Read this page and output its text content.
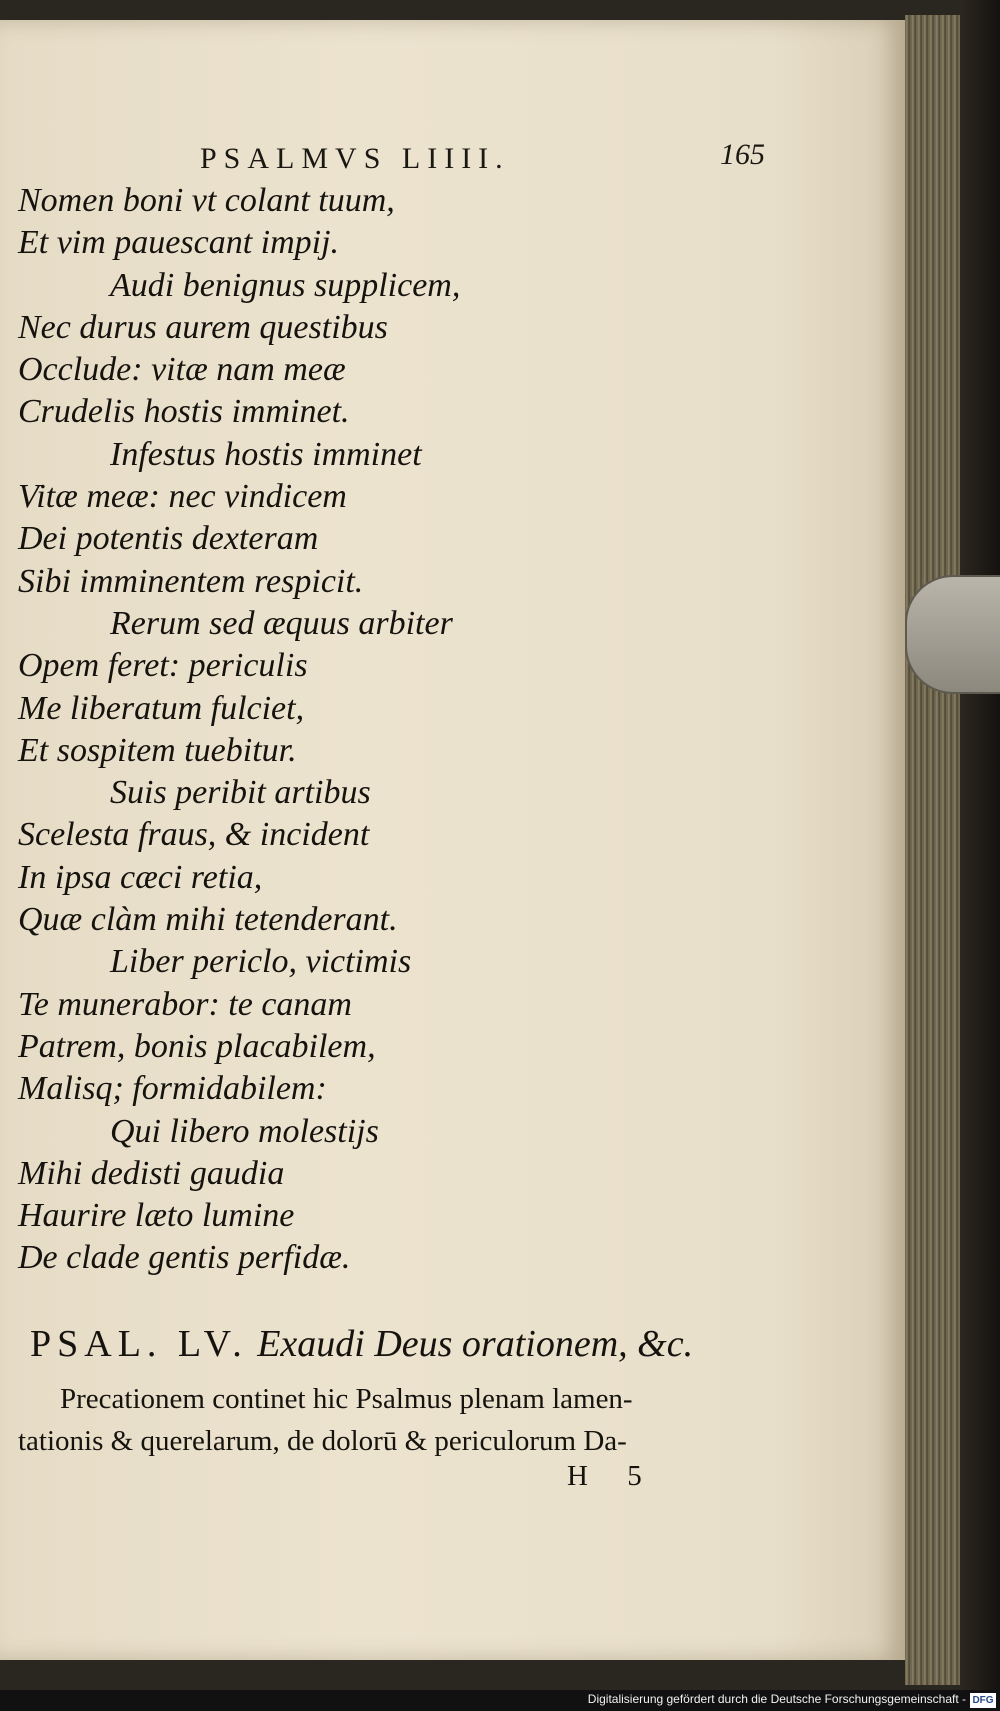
PSALMVS LIIII.	165
Nomen boni vt colant tuum,
Et vim pauescant impij.
Audi benignus supplicem,
Nec durus aurem questibus
Occlude: vitæ nam meæ
Crudelis hostis imminet.
Infestus hostis imminet
Vitæ meæ: nec vindicem
Dei potentis dexteram
Sibi imminentem respicit.
Rerum sed æquus arbiter
Opem feret: periculis
Me liberatum fulciet,
Et sospitem tuebitur.
Suis peribit artibus
Scelesta fraus, & incident
In ipsa cæci retia,
Quæ clàm mihi tetenderant.
Liber periclo, victimis
Te munerabor: te canam
Patrem, bonis placabilem,
Malisq; formidabilem:
Qui libero molestijs
Mihi dedisti gaudia
Haurire læto lumine
De clade gentis perfidæ.
PSAL. LV. Exaudi Deus orationem, &c.
Precationem continet hic Psalmus plenam lamen-
tationis & querelarum, de dolorū & periculorum Da-
H 5
Digitalisierung gefördert durch die Deutsche Forschungsgemeinschaft - DFG
